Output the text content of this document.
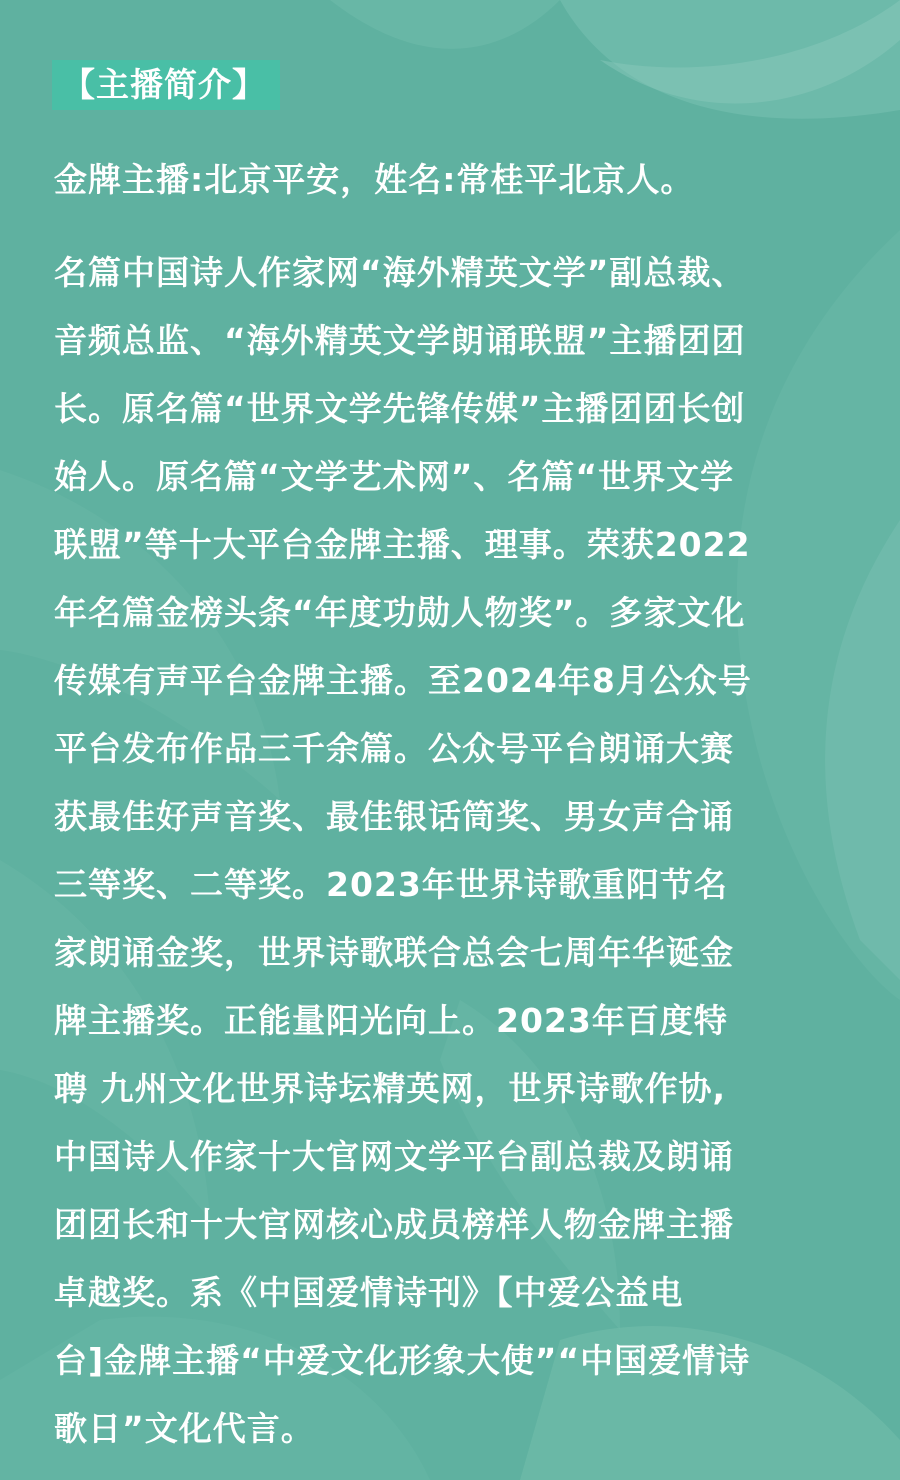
【主播简介】
金牌主播:北京平安，姓名:常桂平北京人。
名篇中国诗人作家网“海外精英文学”副总裁、
音频总监、“海外精英文学朗诵联盟”主播团团
长。原名篇“世界文学先锋传媒”主播团团长创
始人。原名篇“文学艺术网”、名篇“世界文学
联盟”等十大平台金牌主播、理事。荣获2022
年名篇金榜头条“年度功勋人物奖”。多家文化
传媒有声平台金牌主播。至2024年8月公众号
平台发布作品三千余篇。公众号平台朗诵大赛
获最佳好声音奖、最佳银话筒奖、男女声合诵
三等奖、二等奖。2023年世界诗歌重阳节名
家朗诵金奖，世界诗歌联合总会七周年华诞金
牌主播奖。正能量阳光向上。2023年百度特
聘 九州文化世界诗坛精英网，世界诗歌作协,
中国诗人作家十大官网文学平台副总裁及朗诵
团团长和十大官网核心成员榜样人物金牌主播
卓越奖。系《中国爱情诗刊》【中爱公益电
台]金牌主播“中爱文化形象大使”“中国爱情诗
歌日”文化代言。
